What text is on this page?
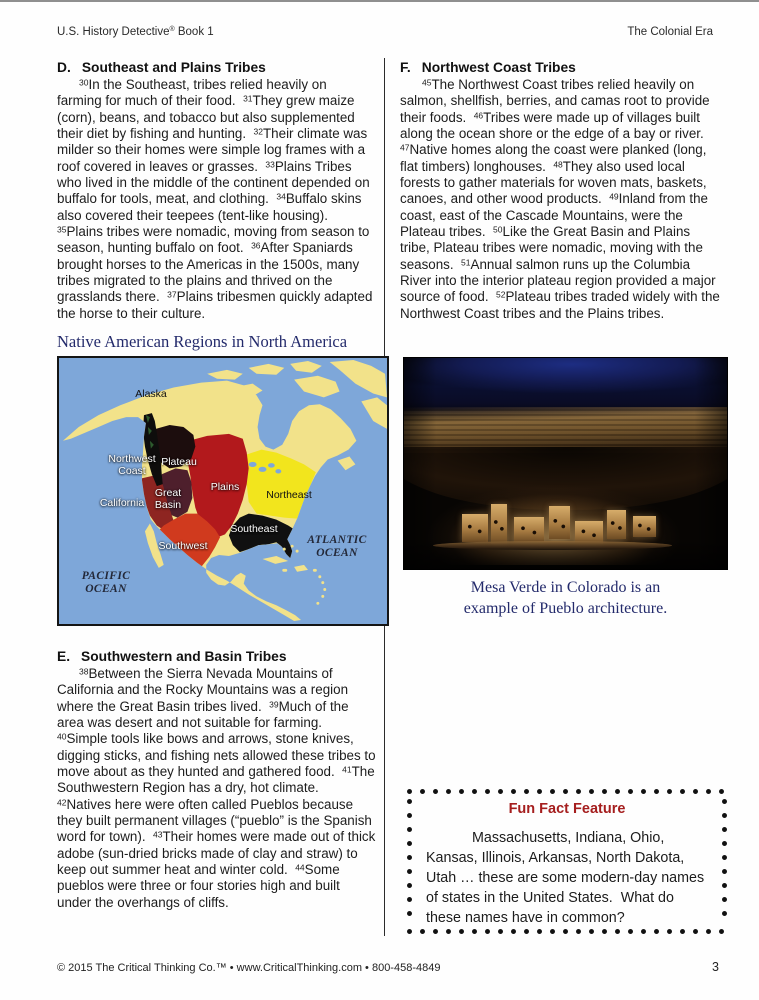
U.S. History Detective® Book 1	The Colonial Era
D. Southeast and Plains Tribes

$^{30}$In the Southeast, tribes relied heavily on farming for much of their food.  $^{31}$They grew maize (corn), beans, and tobacco but also supplemented their diet by fishing and hunting.  $^{32}$Their climate was milder so their homes were simple log frames with a roof covered in leaves or grasses.  $^{33}$Plains Tribes who lived in the middle of the continent depended on buffalo for tools, meat, and clothing.  $^{34}$Buffalo skins also covered their teepees (tent-like housing).  $^{35}$Plains tribes were nomadic, moving from season to season, hunting buffalo on foot.  $^{36}$After Spaniards brought horses to the Americas in the 1500s, many tribes migrated to the plains and thrived on the grasslands there.  $^{37}$Plains tribesmen quickly adapted the horse to their culture.

F. Northwest Coast Tribes

$^{45}$The Northwest Coast tribes relied heavily on salmon, shellfish, berries, and camas root to provide their foods.  $^{46}$Tribes were made up of villages built along the ocean shore or the edge of a bay or river.  $^{47}$Native homes along the coast were planked (long, flat timbers) longhouses.  $^{48}$They also used local forests to gather materials for woven mats, baskets, canoes, and other wood products.  $^{49}$Inland from the coast, east of the Cascade Mountains, were the Plateau tribes.  $^{50}$Like the Great Basin and Plains tribe, Plateau tribes were nomadic, moving with the seasons.  $^{51}$Annual salmon runs up the Columbia River into the interior plateau region provided a major source of food.  $^{52}$Plateau tribes traded widely with the Northwest Coast tribes and the Plains tribes.

Native American Regions in North America
Alaska
Northwest Coast
Plateau
California
Great Basin
Plains
Northeast
Southeast
Southwest
PACIFIC OCEAN
ATLANTIC OCEAN
E. Southwestern and Basin Tribes

$^{38}$Between the Sierra Nevada Mountains of California and the Rocky Mountains was a region where the Great Basin tribes lived.  $^{39}$Much of the area was desert and not suitable for farming.  $^{40}$Simple tools like bows and arrows, stone knives, digging sticks, and fishing nets allowed these tribes to move about as they hunted and gathered food.  $^{41}$The Southwestern Region has a dry, hot climate.  $^{42}$Natives here were often called Pueblos because they built permanent villages (“pueblo” is the Spanish word for town).  $^{43}$Their homes were made out of thick adobe (sun-dried bricks made of clay and straw) to keep out summer heat and winter cold.  $^{44}$Some pueblos were three or four stories high and built under the overhangs of cliffs.

Mesa Verde in Colorado is an example of Pueblo architecture.
Fun Fact Feature
Massachusetts, Indiana, Ohio, Kansas, Illinois, Arkansas, North Dakota, Utah … these are some modern-day names of states in the United States.  What do these names have in common?
© 2015 The Critical Thinking Co.™ • www.CriticalThinking.com • 800-458-4849	3
